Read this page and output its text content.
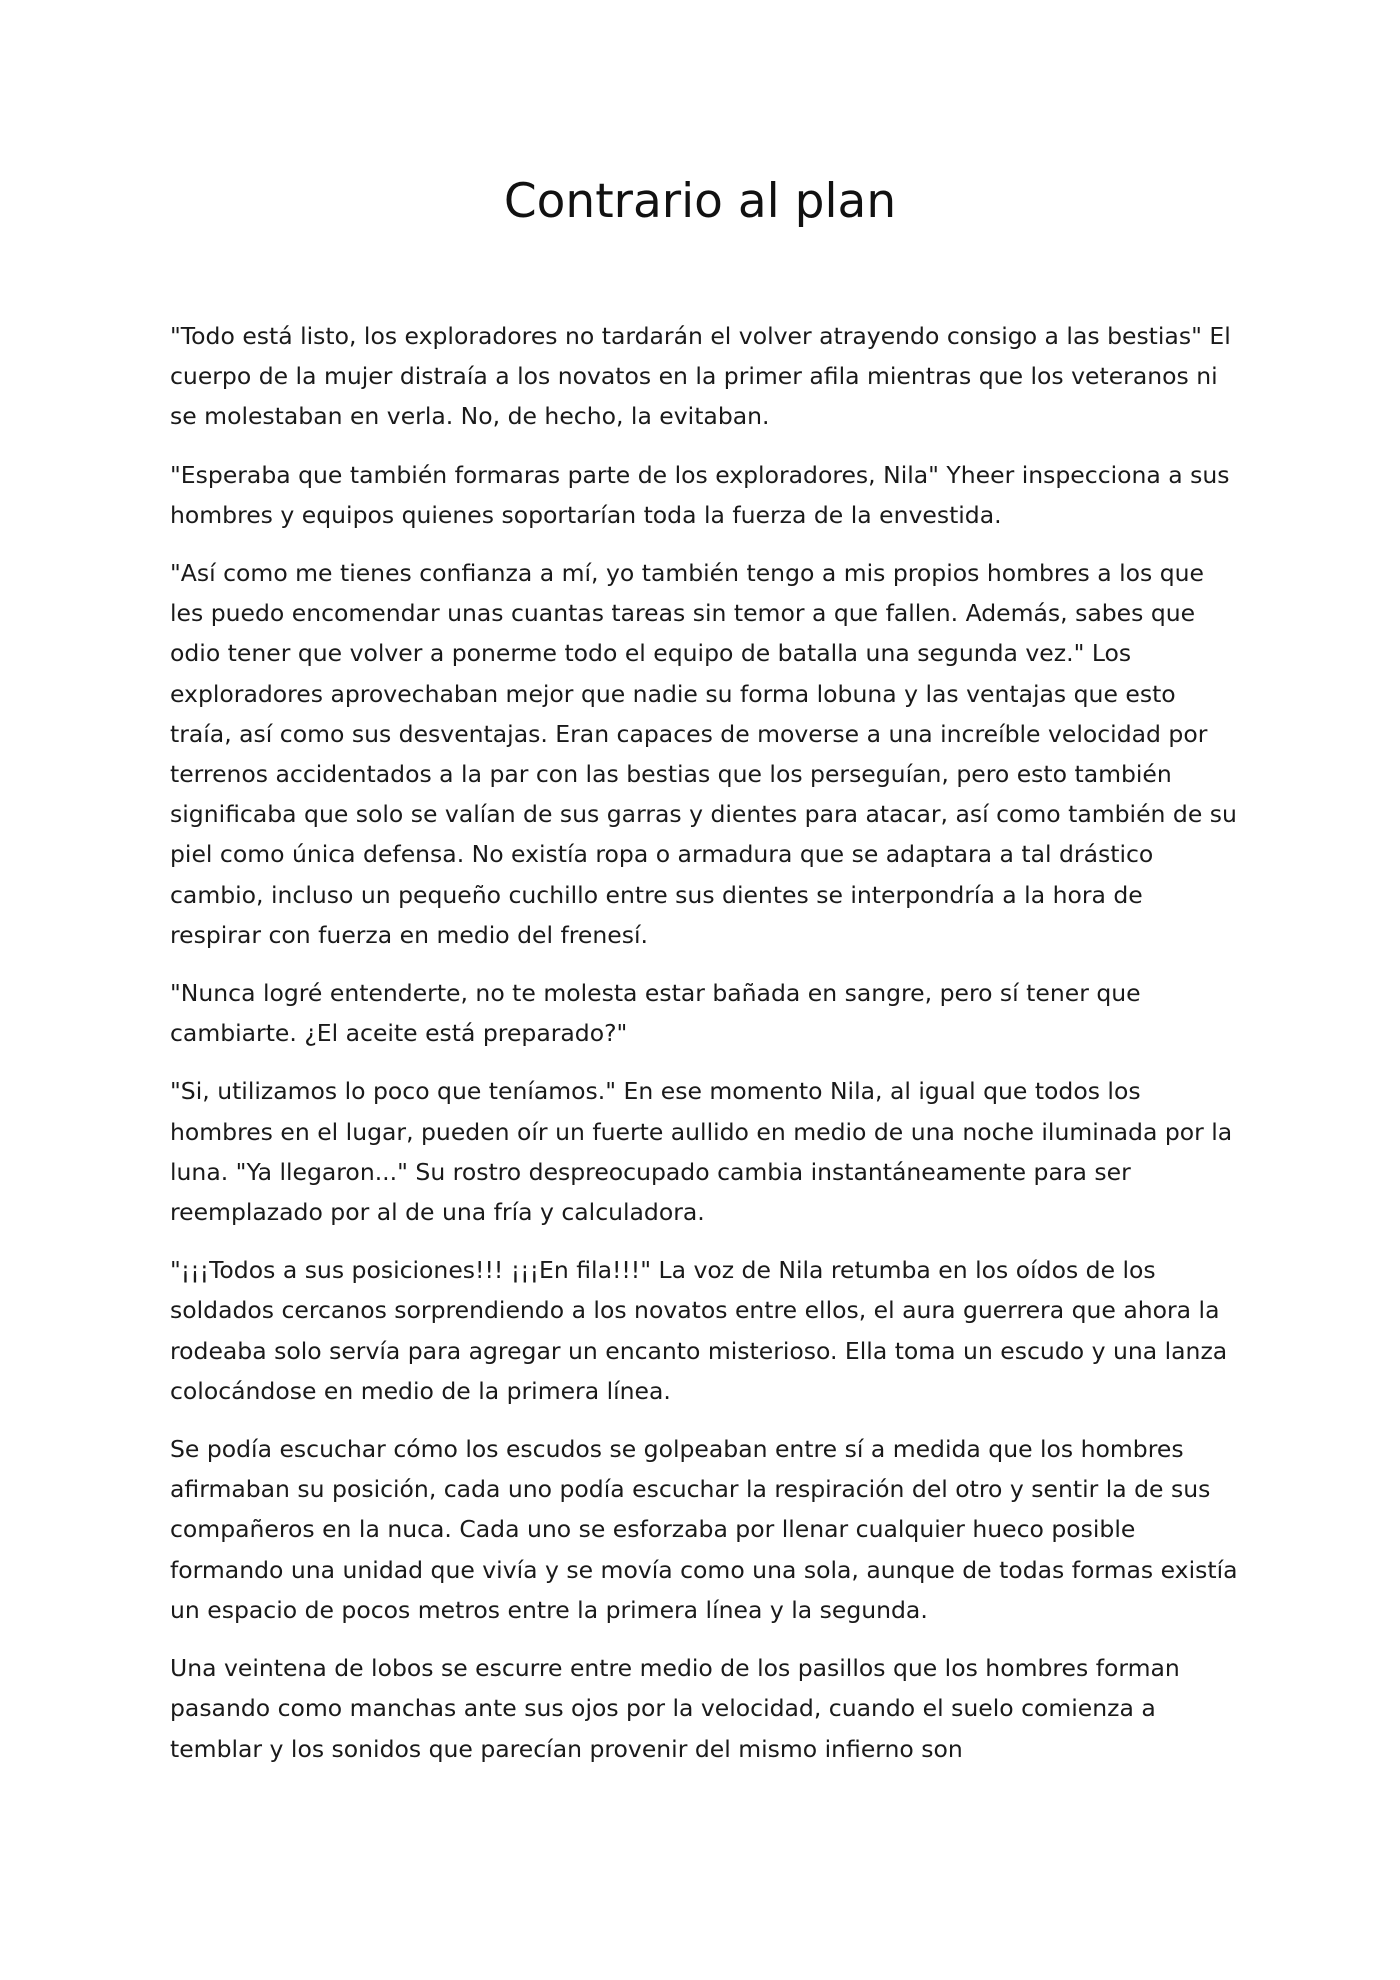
Contrario al plan

"Todo está listo, los exploradores no tardarán el volver atrayendo consigo a las bestias" El cuerpo de la mujer distraía a los novatos en la primer afila mientras que los veteranos ni se molestaban en verla. No, de hecho, la evitaban.

"Esperaba que también formaras parte de los exploradores, Nila" Yheer inspecciona a sus hombres y equipos quienes soportarían toda la fuerza de la envestida.

"Así como me tienes confianza a mí, yo también tengo a mis propios hombres a los que les puedo encomendar unas cuantas tareas sin temor a que fallen. Además, sabes que odio tener que volver a ponerme todo el equipo de batalla una segunda vez." Los exploradores aprovechaban mejor que nadie su forma lobuna y las ventajas que esto traía, así como sus desventajas. Eran capaces de moverse a una increíble velocidad por terrenos accidentados a la par con las bestias que los perseguían, pero esto también significaba que solo se valían de sus garras y dientes para atacar, así como también de su piel como única defensa. No existía ropa o armadura que se adaptara a tal drástico cambio, incluso un pequeño cuchillo entre sus dientes se interpondría a la hora de respirar con fuerza en medio del frenesí.

"Nunca logré entenderte, no te molesta estar bañada en sangre, pero sí tener que cambiarte. ¿El aceite está preparado?"

"Si, utilizamos lo poco que teníamos." En ese momento Nila, al igual que todos los hombres en el lugar, pueden oír un fuerte aullido en medio de una noche iluminada por la luna. "Ya llegaron..." Su rostro despreocupado cambia instantáneamente para ser reemplazado por al de una fría y calculadora.

"¡¡¡Todos a sus posiciones!!! ¡¡¡En fila!!!" La voz de Nila retumba en los oídos de los soldados cercanos sorprendiendo a los novatos entre ellos, el aura guerrera que ahora la rodeaba solo servía para agregar un encanto misterioso. Ella toma un escudo y una lanza colocándose en medio de la primera línea.

Se podía escuchar cómo los escudos se golpeaban entre sí a medida que los hombres afirmaban su posición, cada uno podía escuchar la respiración del otro y sentir la de sus compañeros en la nuca. Cada uno se esforzaba por llenar cualquier hueco posible formando una unidad que vivía y se movía como una sola, aunque de todas formas existía un espacio de pocos metros entre la primera línea y la segunda.

Una veintena de lobos se escurre entre medio de los pasillos que los hombres forman pasando como manchas ante sus ojos por la velocidad, cuando el suelo comienza a temblar y los sonidos que parecían provenir del mismo infierno son
